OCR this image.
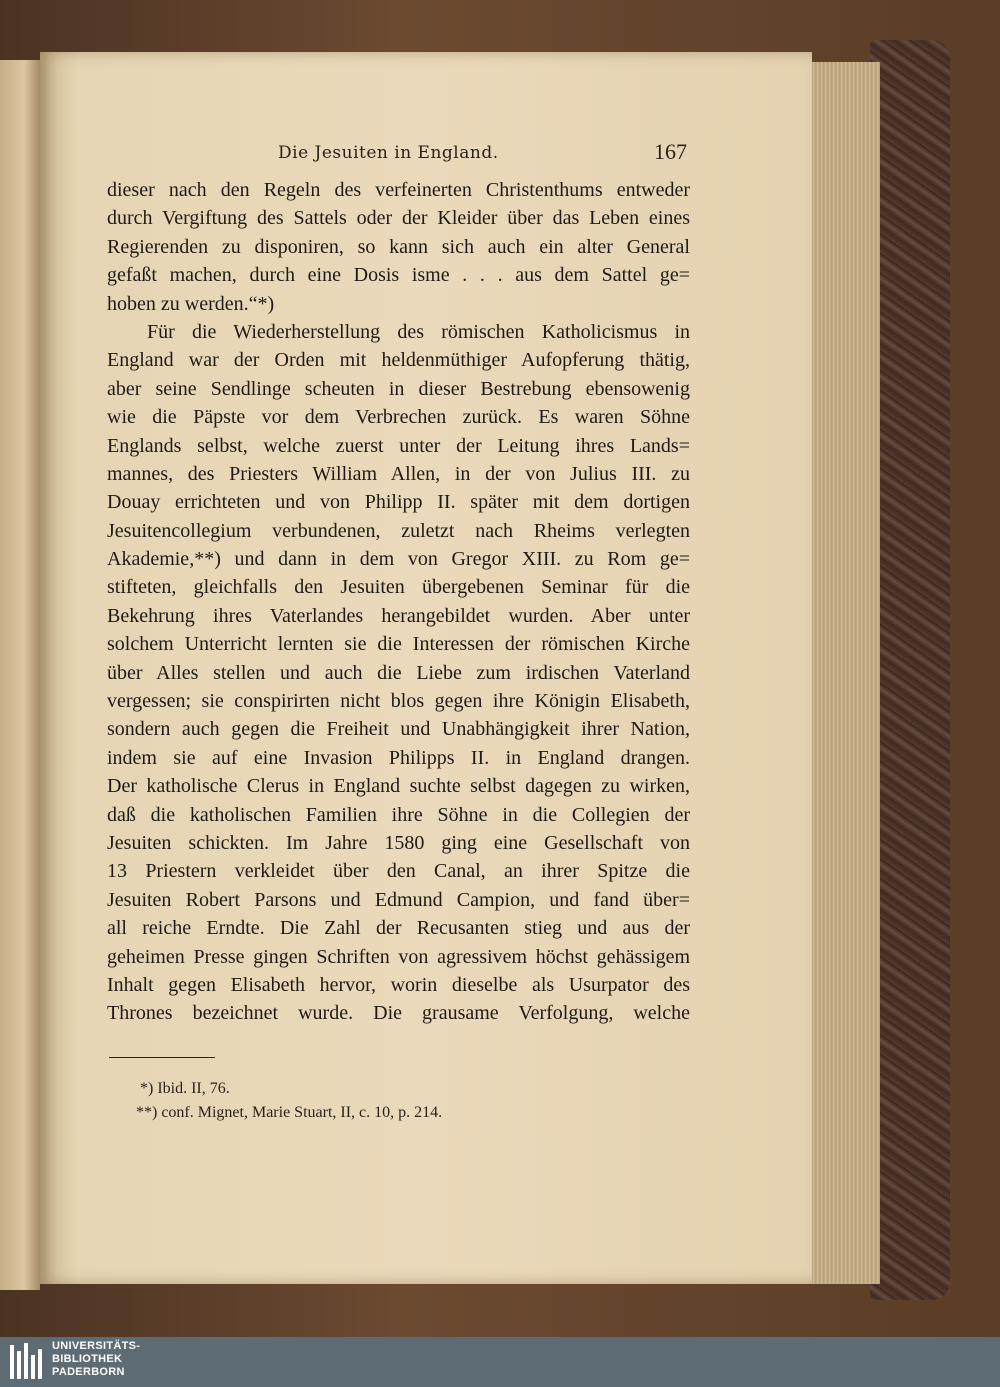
Die Jesuiten in England.	167
dieser nach den Regeln des verfeinerten Christenthums entweder
durch Vergiftung des Sattels oder der Kleider über das Leben eines
Regierenden zu disponiren, so kann sich auch ein alter General
gefaßt machen, durch eine Dosis isme . . . aus dem Sattel ge=
hoben zu werden.“*)
Für die Wiederherstellung des römischen Katholicismus in
England war der Orden mit heldenmüthiger Aufopferung thätig,
aber seine Sendlinge scheuten in dieser Bestrebung ebensowenig
wie die Päpste vor dem Verbrechen zurück. Es waren Söhne
Englands selbst, welche zuerst unter der Leitung ihres Lands=
mannes, des Priesters William Allen, in der von Julius III. zu
Douay errichteten und von Philipp II. später mit dem dortigen
Jesuitencollegium verbundenen, zuletzt nach Rheims verlegten
Akademie,**) und dann in dem von Gregor XIII. zu Rom ge=
stifteten, gleichfalls den Jesuiten übergebenen Seminar für die
Bekehrung ihres Vaterlandes herangebildet wurden. Aber unter
solchem Unterricht lernten sie die Interessen der römischen Kirche
über Alles stellen und auch die Liebe zum irdischen Vaterland
vergessen; sie conspirirten nicht blos gegen ihre Königin Elisabeth,
sondern auch gegen die Freiheit und Unabhängigkeit ihrer Nation,
indem sie auf eine Invasion Philipps II. in England drangen.
Der katholische Clerus in England suchte selbst dagegen zu wirken,
daß die katholischen Familien ihre Söhne in die Collegien der
Jesuiten schickten. Im Jahre 1580 ging eine Gesellschaft von
13 Priestern verkleidet über den Canal, an ihrer Spitze die
Jesuiten Robert Parsons und Edmund Campion, und fand über=
all reiche Erndte. Die Zahl der Recusanten stieg und aus der
geheimen Presse gingen Schriften von agressivem höchst gehässigem
Inhalt gegen Elisabeth hervor, worin dieselbe als Usurpator des
Thrones bezeichnet wurde. Die grausame Verfolgung, welche
*) Ibid. II, 76.
**) conf. Mignet, Marie Stuart, II, c. 10, p. 214.
UNIVERSITÄTS-
BIBLIOTHEK
PADERBORN
